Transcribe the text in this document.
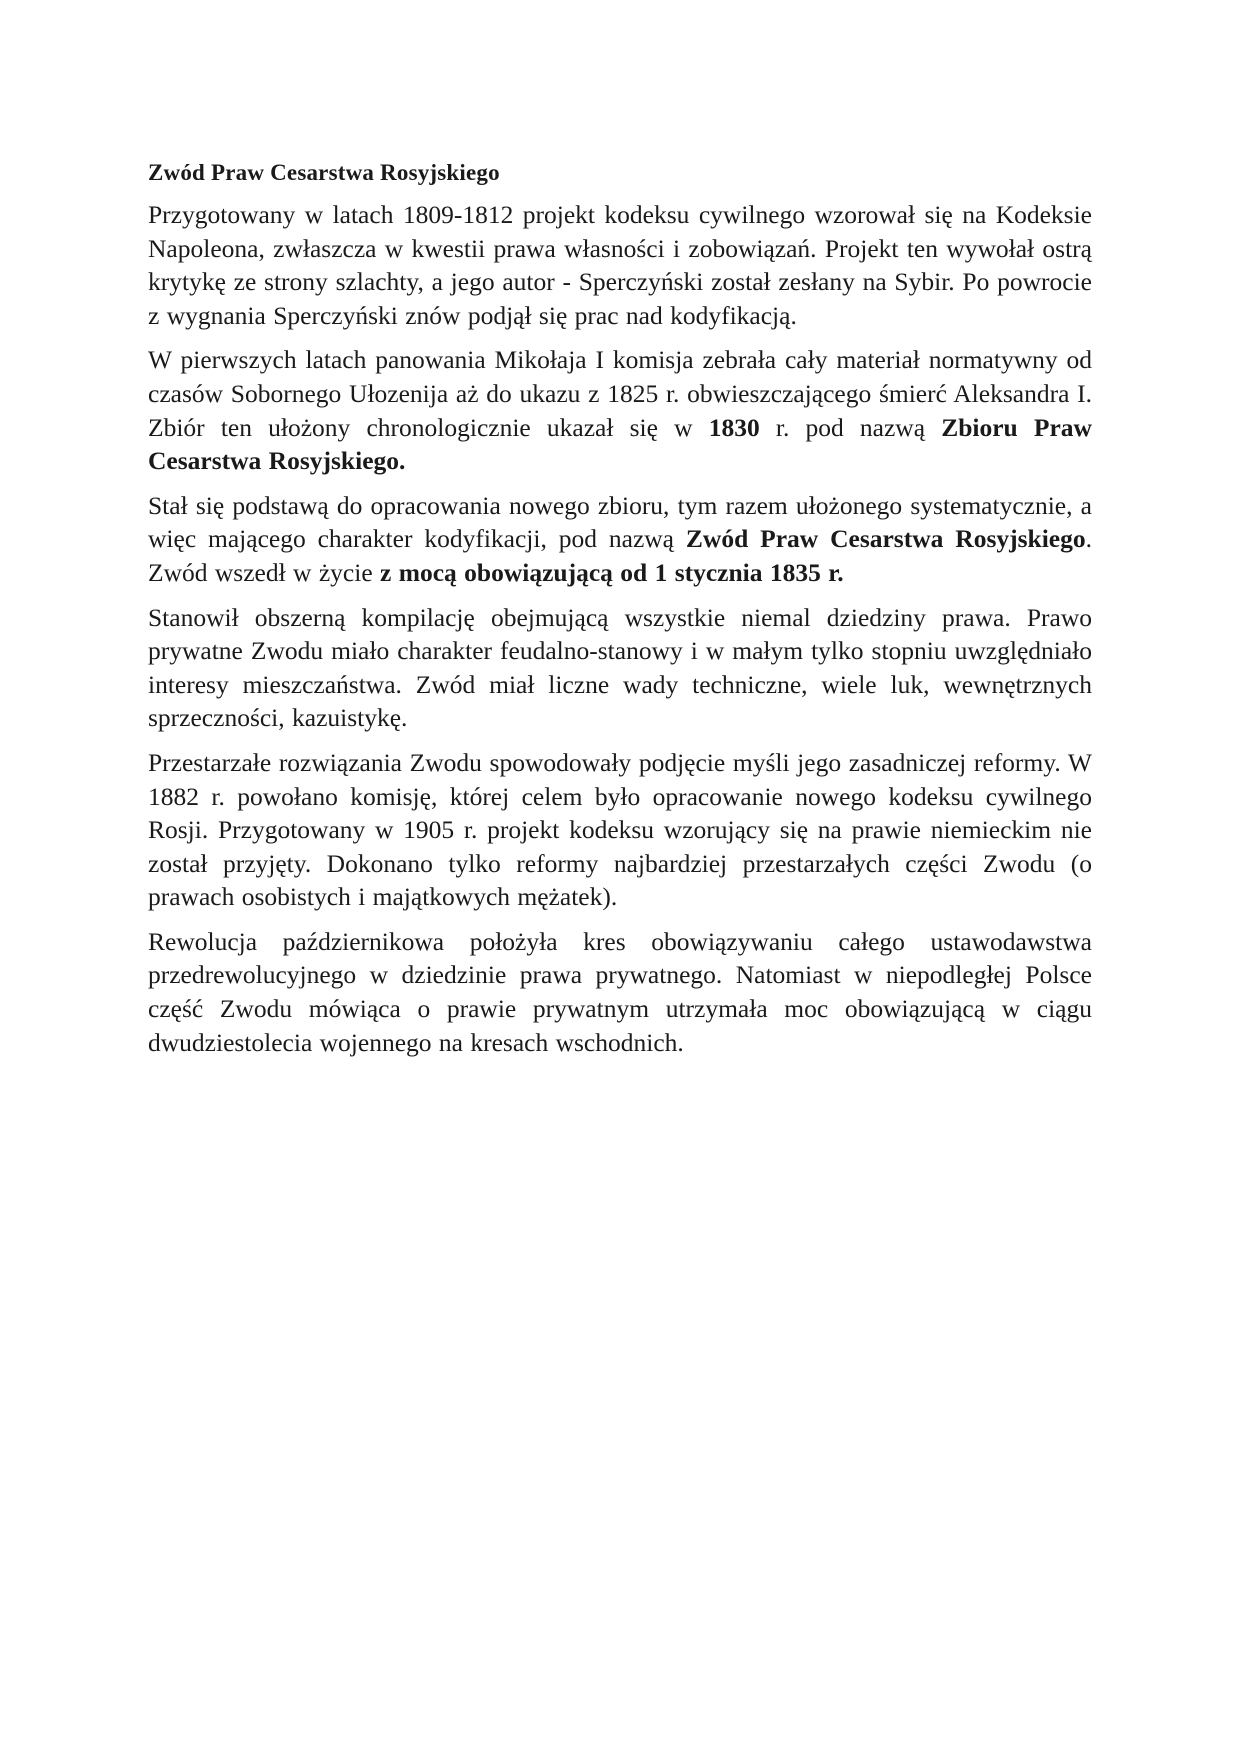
Zwód Praw Cesarstwa Rosyjskiego

Przygotowany w latach 1809-1812 projekt kodeksu cywilnego wzorował się na Kodeksie Napoleona, zwłaszcza w kwestii prawa własności i zobowiązań. Projekt ten wywołał ostrą krytykę ze strony szlachty, a jego autor - Sperczyński został zesłany na Sybir. Po powrocie z wygnania Sperczyński znów podjął się prac nad kodyfikacją.

W pierwszych latach panowania Mikołaja I komisja zebrała cały materiał normatywny od czasów Sobornego Ułozenija aż do ukazu z 1825 r. obwieszczającego śmierć Aleksandra I. Zbiór ten ułożony chronologicznie ukazał się w 1830 r. pod nazwą Zbioru Praw Cesarstwa Rosyjskiego.

Stał się podstawą do opracowania nowego zbioru, tym razem ułożonego systematycznie, a więc mającego charakter kodyfikacji, pod nazwą Zwód Praw Cesarstwa Rosyjskiego. Zwód wszedł w życie z mocą obowiązującą od 1 stycznia 1835 r.

Stanowił obszerną kompilację obejmującą wszystkie niemal dziedziny prawa. Prawo prywatne Zwodu miało charakter feudalno-stanowy i w małym tylko stopniu uwzględniało interesy mieszczaństwa. Zwód miał liczne wady techniczne, wiele luk, wewnętrznych sprzeczności, kazuistykę.

Przestarzałe rozwiązania Zwodu spowodowały podjęcie myśli jego zasadniczej reformy. W 1882 r. powołano komisję, której celem było opracowanie nowego kodeksu cywilnego Rosji. Przygotowany w 1905 r. projekt kodeksu wzorujący się na prawie niemieckim nie został przyjęty. Dokonano tylko reformy najbardziej przestarzałych części Zwodu (o prawach osobistych i majątkowych mężatek).

Rewolucja październikowa położyła kres obowiązywaniu całego ustawodawstwa przedrewolucyjnego w dziedzinie prawa prywatnego. Natomiast w niepodległej Polsce część Zwodu mówiąca o prawie prywatnym utrzymała moc obowiązującą w ciągu dwudziestolecia wojennego na kresach wschodnich.
